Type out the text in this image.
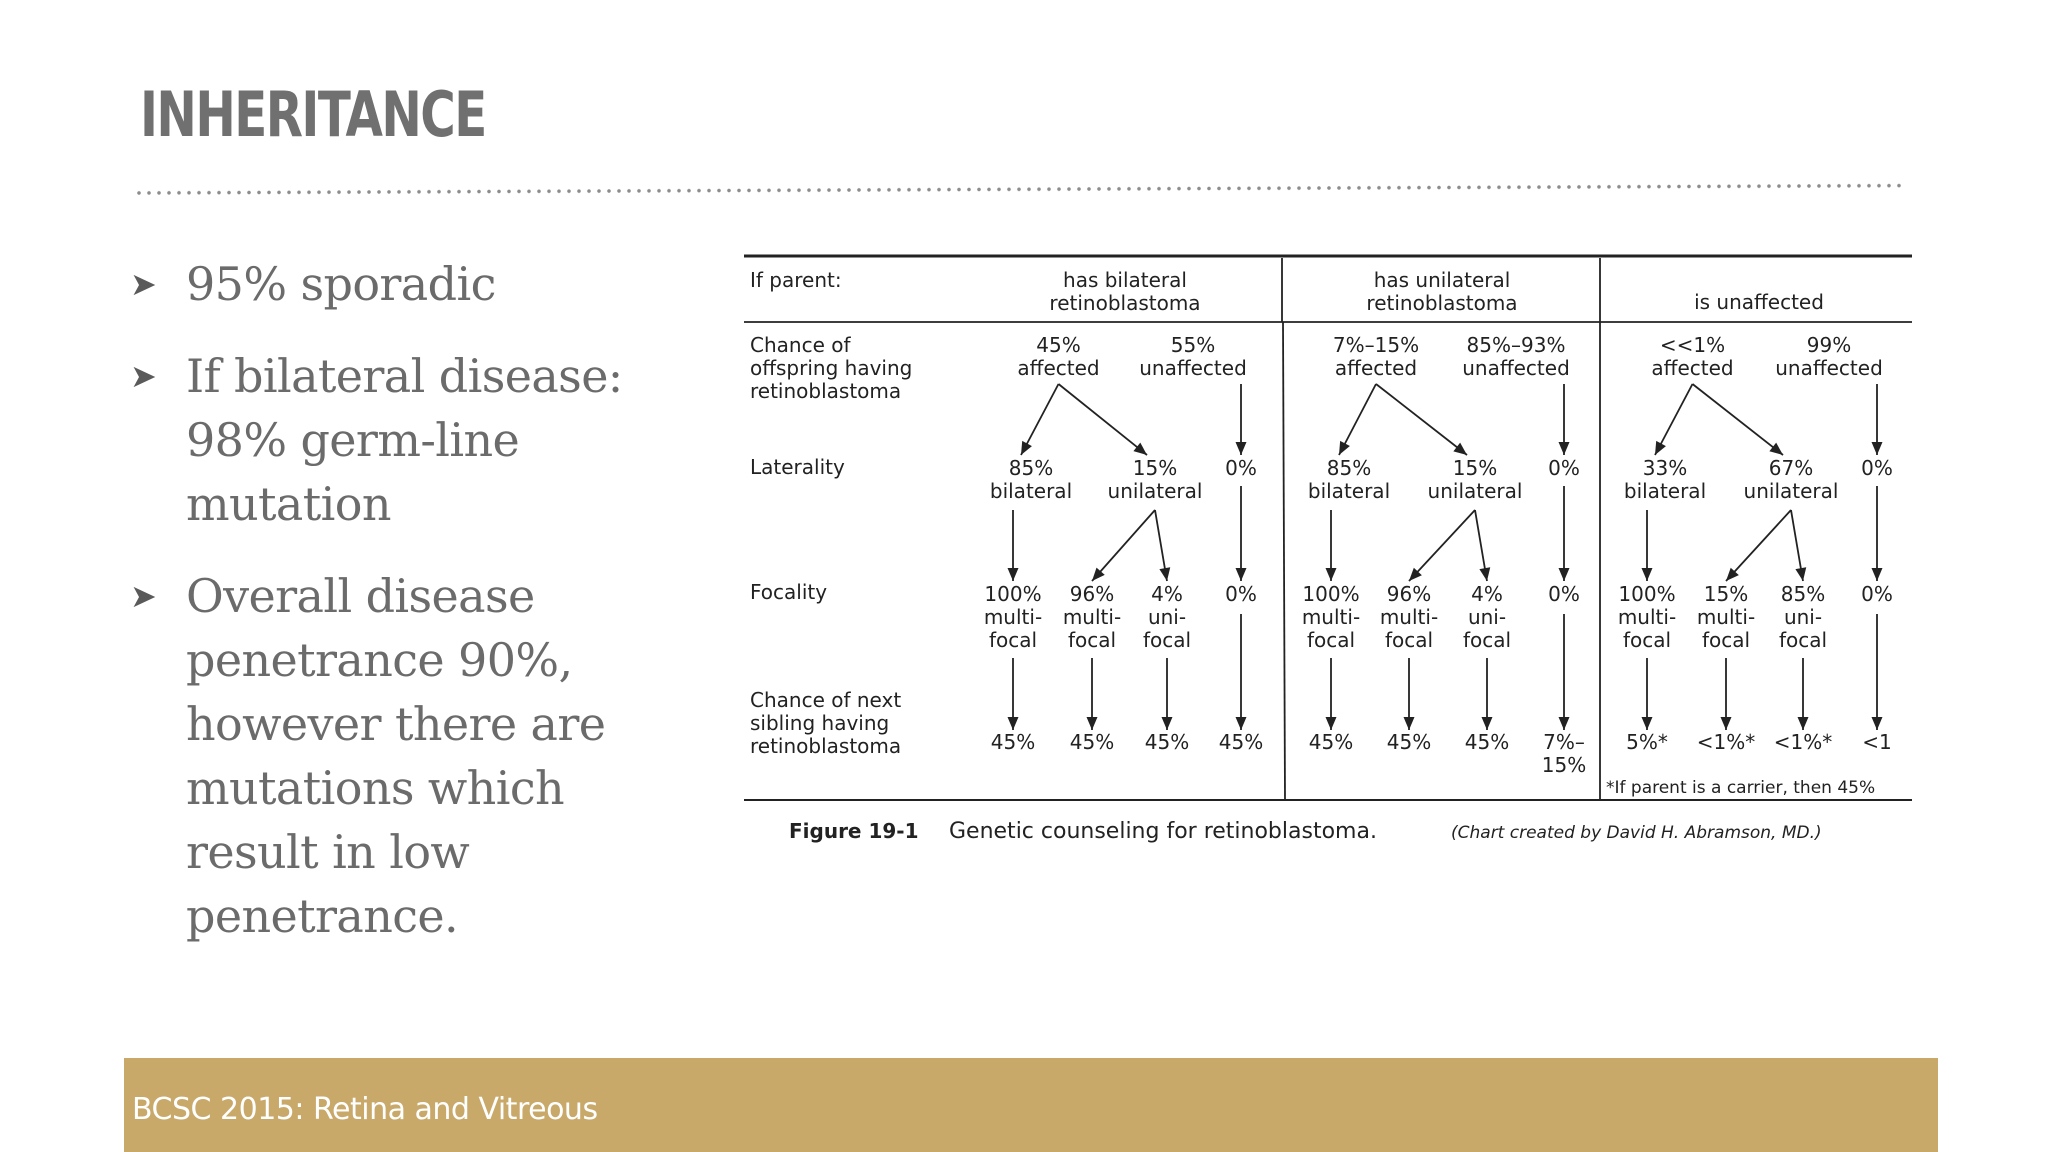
INHERITANCE
➤ 95% sporadic
➤ If bilateral disease: 98% germ-line mutation
➤ Overall disease penetrance 90%, however there are mutations which result in low penetrance.
If parent:
Chance of offspring having retinoblastoma
Laterality
Focality
Chance of next sibling having retinoblastoma
has bilateral retinoblastoma
45% affected
55% unaffected
85% bilateral
15% unilateral
0%
100% multi-focal
96% multi-focal
4% uni-focal
0%
45% 45% 45% 45%
has unilateral retinoblastoma
7%–15% affected
85%–93% unaffected
85% bilateral
15% unilateral
0%
100% multi-focal
96% multi-focal
4% uni-focal
0%
45% 45% 45% 7%– 15%
is unaffected
<<1% affected
99% unaffected
33% bilateral
67% unilateral
0%
100% multi-focal
15% multi-focal
85% uni-focal
0%
5%* <1%* <1%* <1
*If parent is a carrier, then 45%
Figure 19-1 Genetic counseling for retinoblastoma.	(Chart created by David H. Abramson, MD.)
BCSC 2015: Retina and Vitreous
